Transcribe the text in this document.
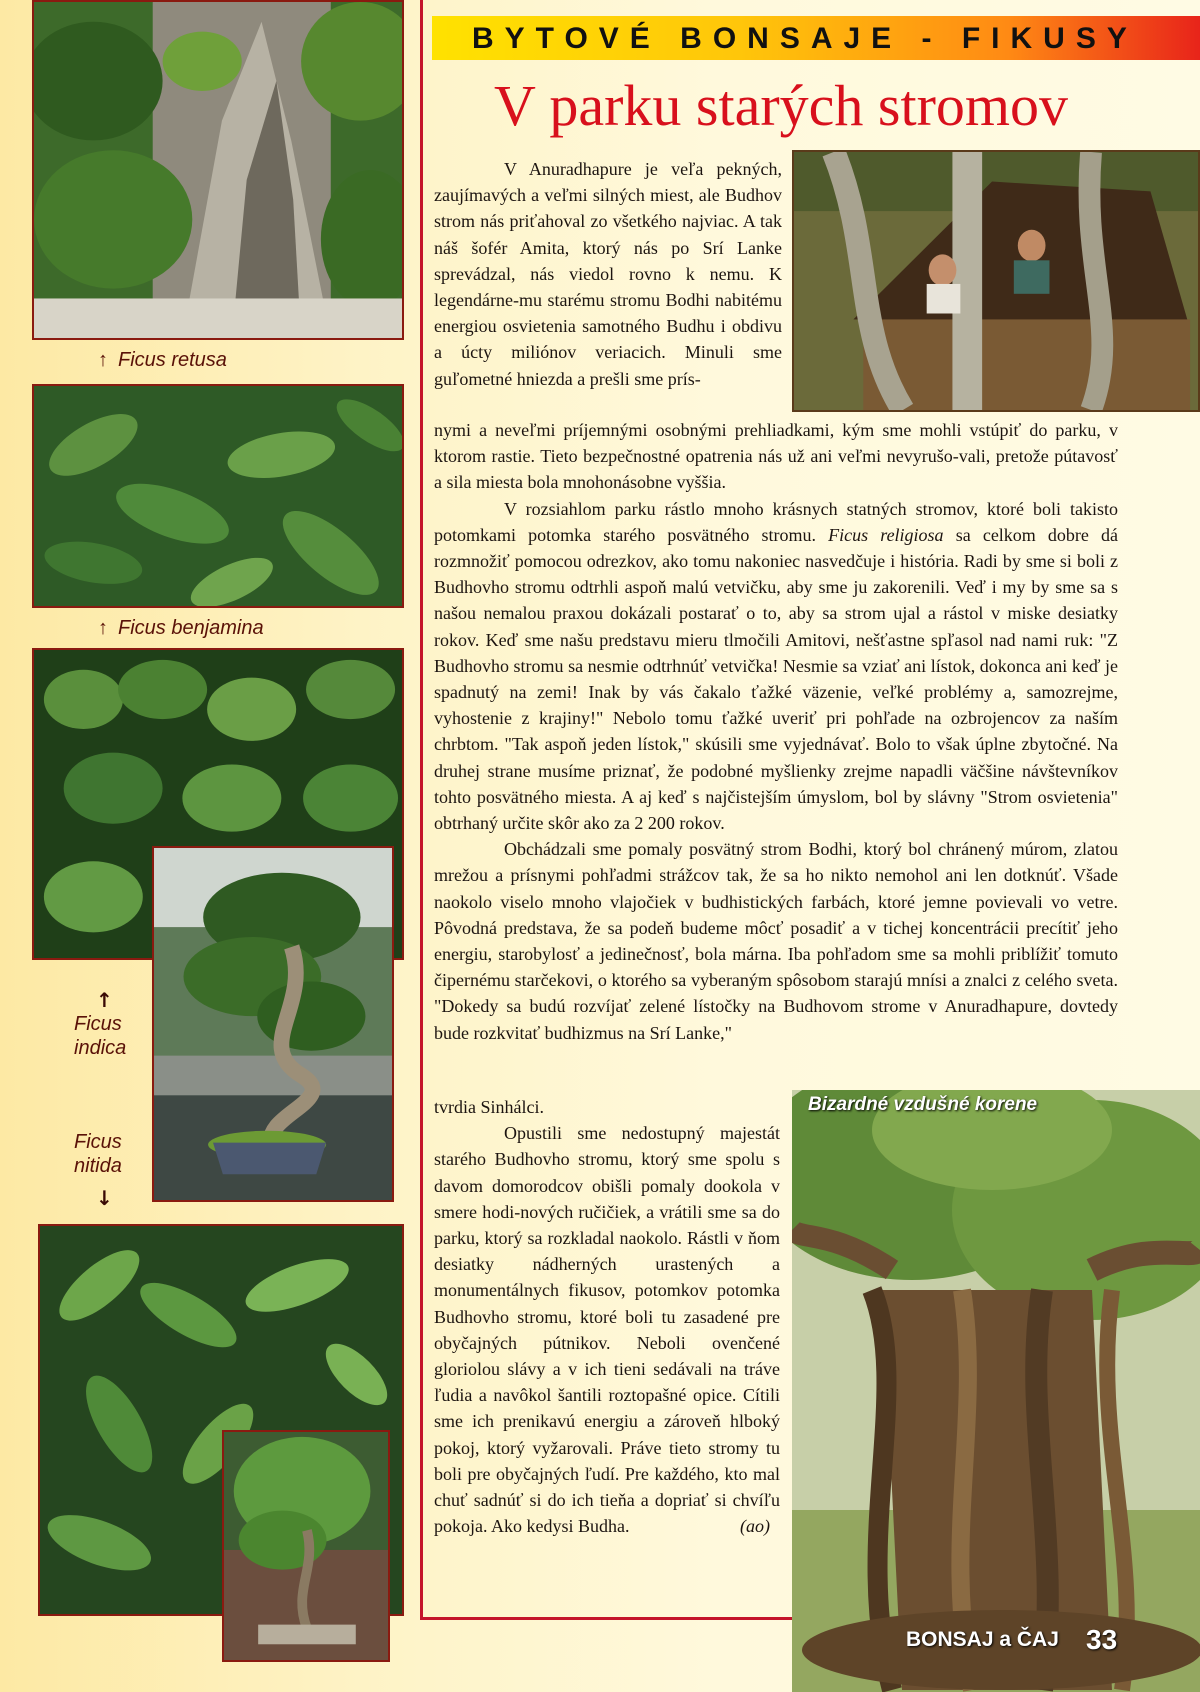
↑ Ficus retusa
↑ Ficus benjamina
↑
Ficus
indica
Ficus
nitida
↓
BYTOVÉ BONSAJE - FIKUSY
V parku starých stromov
Bizardné vzdušné korene

V Anuradhapure je veľa pekných, zaujímavých a veľmi silných miest, ale Budhov strom nás priťahoval zo všetkého najviac. A tak náš šofér Amita, ktorý nás po Srí Lanke sprevádzal, nás viedol rovno k nemu. K legendárne-mu starému stromu Bodhi nabitému energiou osvietenia samotného Budhu i obdivu a úcty miliónov veriacich. Minuli sme guľometné hniezda a prešli sme prís-

nymi a neveľmi príjemnými osobnými prehliadkami, kým sme mohli vstúpiť do parku, v ktorom rastie. Tieto bezpečnostné opatrenia nás už ani veľmi nevyrušo-vali, pretože pútavosť a sila miesta bola mnohonásobne vyššia.

V rozsiahlom parku rástlo mnoho krásnych statných stromov, ktoré boli takisto potomkami potomka starého posvätného stromu. Ficus religiosa sa celkom dobre dá rozmnožiť pomocou odrezkov, ako tomu nakoniec nasvedčuje i história. Radi by sme si boli z Budhovho stromu odtrhli aspoň malú vetvičku, aby sme ju zakorenili. Veď i my by sme sa s našou nemalou praxou dokázali postarať o to, aby sa strom ujal a rástol v miske desiatky rokov. Keď sme našu predstavu mieru tlmočili Amitovi, nešťastne spľasol nad nami ruk: "Z Budhovho stromu sa nesmie odtrhnúť vetvička! Nesmie sa vziať ani lístok, dokonca ani keď je spadnutý na zemi! Inak by vás čakalo ťažké väzenie, veľké problémy a, samozrejme, vyhostenie z krajiny!" Nebolo tomu ťažké uveriť pri pohľade na ozbrojencov za naším chrbtom. "Tak aspoň jeden lístok," skúsili sme vyjednávať. Bolo to však úplne zbytočné. Na druhej strane musíme priznať, že podobné myšlienky zrejme napadli väčšine návštevníkov tohto posvätného miesta. A aj keď s najčistejším úmyslom, bol by slávny "Strom osvietenia" obtrhaný určite skôr ako za 2 200 rokov.

Obchádzali sme pomaly posvätný strom Bodhi, ktorý bol chránený múrom, zlatou mrežou a prísnymi pohľadmi strážcov tak, že sa ho nikto nemohol ani len dotknúť. Všade naokolo viselo mnoho vlajočiek v budhistických farbách, ktoré jemne povievali vo vetre. Pôvodná predstava, že sa podeň budeme môcť posadiť a v tichej koncentrácii precítiť jeho energiu, starobylosť a jedinečnosť, bola márna. Iba pohľadom sme sa mohli priblížiť tomuto čipernému starčekovi, o ktorého sa vyberaným spôsobom starajú mnísi a znalci z celého sveta. "Dokedy sa budú rozvíjať zelené lístočky na Budhovom strome v Anuradhapure, dovtedy bude rozkvitať budhizmus na Srí Lanke,"

tvrdia Sinhálci.

Opustili sme nedostupný majestát starého Budhovho stromu, ktorý sme spolu s davom domorodcov obišli pomaly dookola v smere hodi-nových ručičiek, a vrátili sme sa do parku, ktorý sa rozkladal naokolo. Rástli v ňom desiatky nádherných urastených a monumentálnych fikusov, potomkov potomka Budhovho stromu, ktoré boli tu zasadené pre obyčajných pútnikov. Neboli ovenčené gloriolou slávy a v ich tieni sedávali na tráve ľudia a navôkol šantili roztopašné opice. Cítili sme ich prenikavú energiu a zároveň hlboký pokoj, ktorý vyžarovali. Práve tieto stromy tu boli pre obyčajných ľudí. Pre každého, kto mal chuť sadnúť si do ich tieňa a dopriať si chvíľu pokoja. Ako kedysi Budha.	(ao)

BONSAJ a ČAJ 33
